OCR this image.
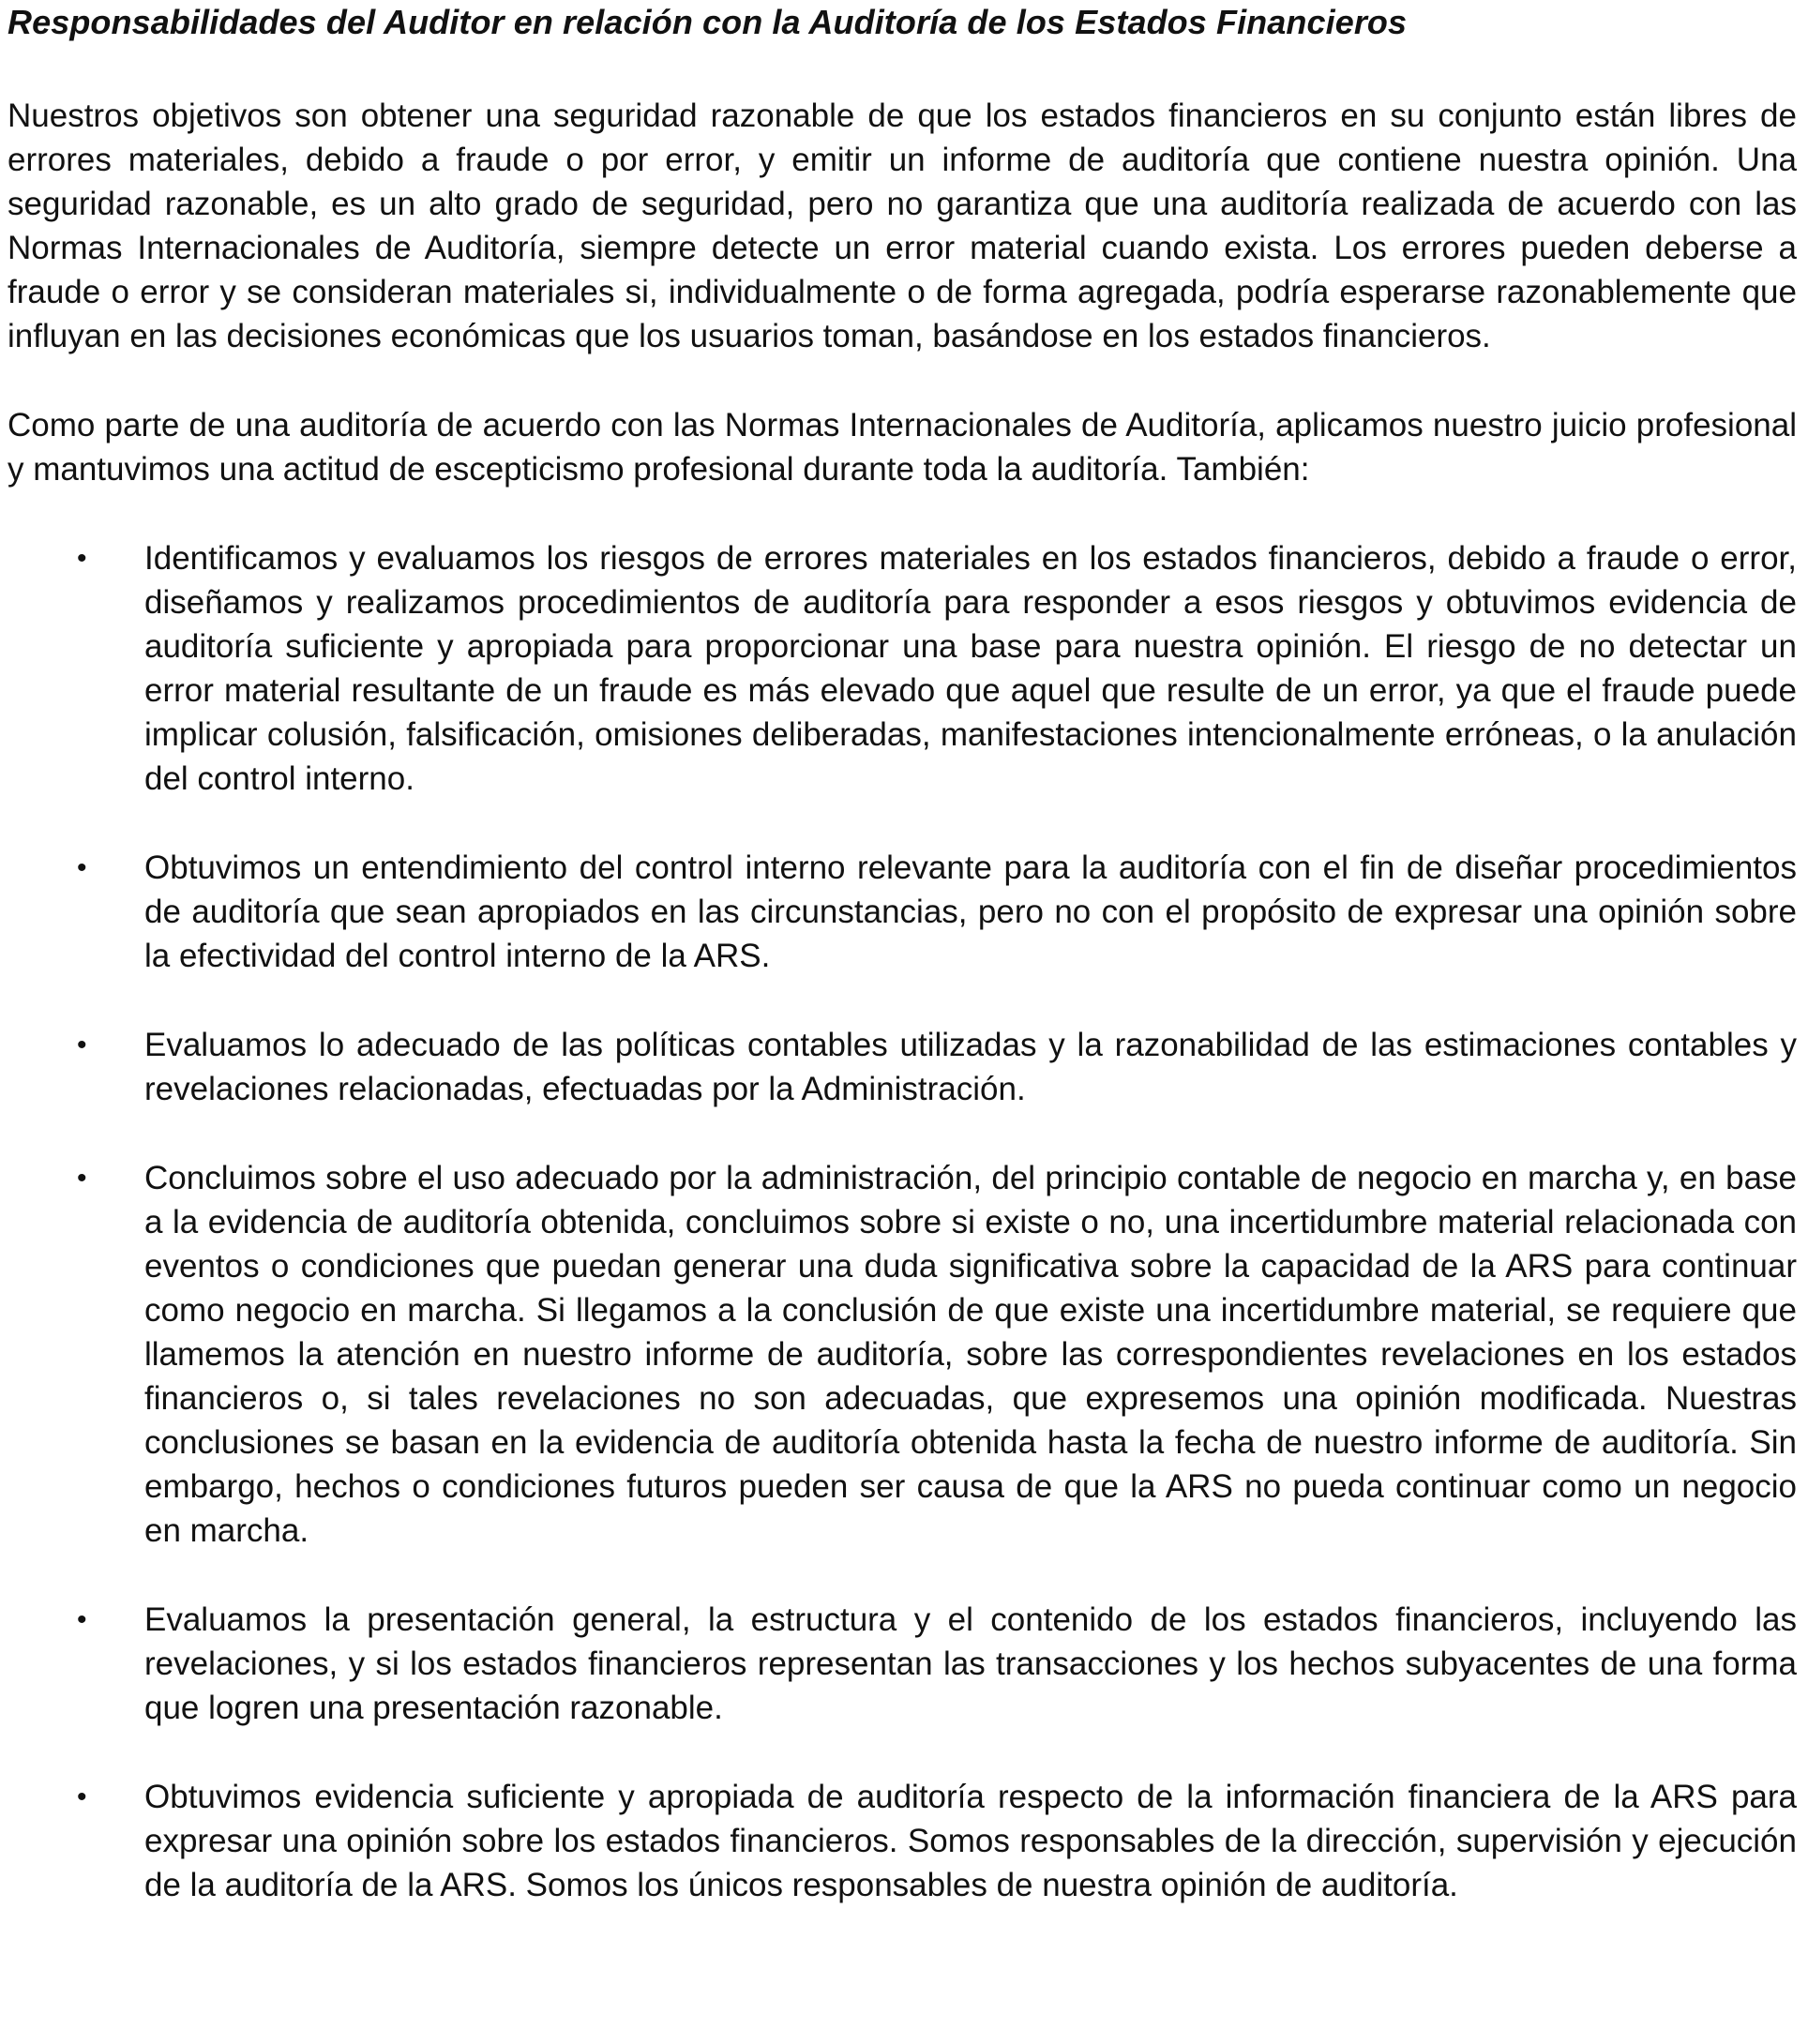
Responsabilidades del Auditor en relación con la Auditoría de los Estados Financieros

Nuestros objetivos son obtener una seguridad razonable de que los estados financieros en su conjunto están libres de errores materiales, debido a fraude o por error, y emitir un informe de auditoría que contiene nuestra opinión. Una seguridad razonable, es un alto grado de seguridad, pero no garantiza que una auditoría realizada de acuerdo con las Normas Internacionales de Auditoría, siempre detecte un error material cuando exista. Los errores pueden deberse a fraude o error y se consideran materiales si, individualmente o de forma agregada, podría esperarse razonablemente que influyan en las decisiones económicas que los usuarios toman, basándose en los estados financieros.

Como parte de una auditoría de acuerdo con las Normas Internacionales de Auditoría, aplicamos nuestro juicio profesional y mantuvimos una actitud de escepticismo profesional durante toda la auditoría. También:

• Identificamos y evaluamos los riesgos de errores materiales en los estados financieros, debido a fraude o error, diseñamos y realizamos procedimientos de auditoría para responder a esos riesgos y obtuvimos evidencia de auditoría suficiente y apropiada para proporcionar una base para nuestra opinión. El riesgo de no detectar un error material resultante de un fraude es más elevado que aquel que resulte de un error, ya que el fraude puede implicar colusión, falsificación, omisiones deliberadas, manifestaciones intencionalmente erróneas, o la anulación del control interno.
• Obtuvimos un entendimiento del control interno relevante para la auditoría con el fin de diseñar procedimientos de auditoría que sean apropiados en las circunstancias, pero no con el propósito de expresar una opinión sobre la efectividad del control interno de la ARS.
• Evaluamos lo adecuado de las políticas contables utilizadas y la razonabilidad de las estimaciones contables y revelaciones relacionadas, efectuadas por la Administración.
• Concluimos sobre el uso adecuado por la administración, del principio contable de negocio en marcha y, en base a la evidencia de auditoría obtenida, concluimos sobre si existe o no, una incertidumbre material relacionada con eventos o condiciones que puedan generar una duda significativa sobre la capacidad de la ARS para continuar como negocio en marcha. Si llegamos a la conclusión de que existe una incertidumbre material, se requiere que llamemos la atención en nuestro informe de auditoría, sobre las correspondientes revelaciones en los estados financieros o, si tales revelaciones no son adecuadas, que expresemos una opinión modificada. Nuestras conclusiones se basan en la evidencia de auditoría obtenida hasta la fecha de nuestro informe de auditoría. Sin embargo, hechos o condiciones futuros pueden ser causa de que la ARS no pueda continuar como un negocio en marcha.
• Evaluamos la presentación general, la estructura y el contenido de los estados financieros, incluyendo las revelaciones, y si los estados financieros representan las transacciones y los hechos subyacentes de una forma que logren una presentación razonable.
• Obtuvimos evidencia suficiente y apropiada de auditoría respecto de la información financiera de la ARS para expresar una opinión sobre los estados financieros. Somos responsables de la dirección, supervisión y ejecución de la auditoría de la ARS. Somos los únicos responsables de nuestra opinión de auditoría.
